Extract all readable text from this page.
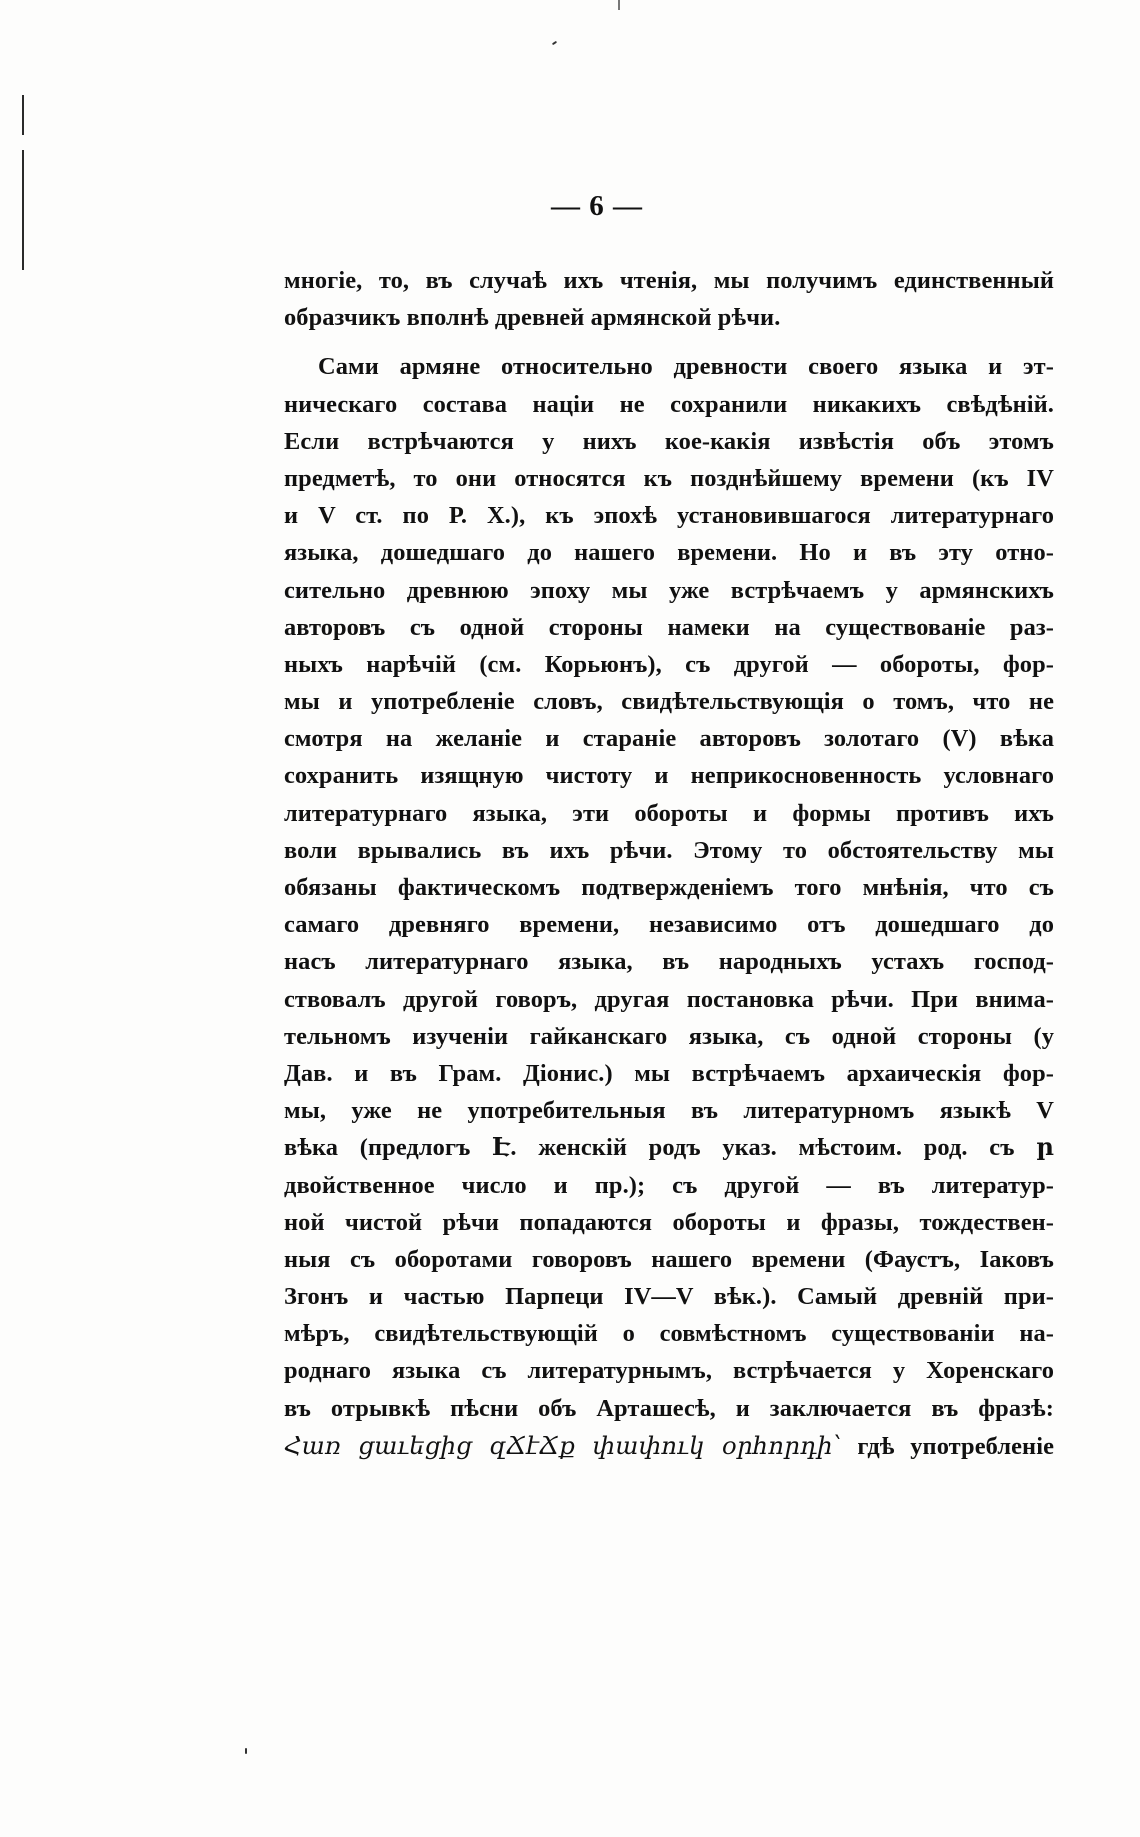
— 6 —
многіе, то, въ случаѣ ихъ чтенія, мы получимъ единственный
образчикъ вполнѣ древней армянской рѣчи.
Сами армяне относительно древности своего языка и эт-
ническаго состава націи не сохранили никакихъ свѣдѣній.
Если встрѣчаются у нихъ кое-какія извѣстія объ этомъ
предметѣ, то они относятся къ позднѣйшему времени (къ IV
и V ст. по Р. Х.), къ эпохѣ установившагося литературнаго
языка, дошедшаго до нашего времени. Но и въ эту отно-
сительно древнюю эпоху мы уже встрѣчаемъ у армянскихъ
авторовъ съ одной стороны намеки на существованіе раз-
ныхъ нарѣчій (см. Корьюнъ), съ другой — обороты, фор-
мы и употребленіе словъ, свидѣтельствующія о томъ, что не
смотря на желаніе и стараніе авторовъ золотаго (V) вѣка
сохранить изящную чистоту и неприкосновенность условнаго
литературнаго языка, эти обороты и формы противъ ихъ
воли врывались въ ихъ рѣчи. Этому то обстоятельству мы
обязаны фактическомъ подтвержденіемъ того мнѣнія, что съ
самаго древняго времени, независимо отъ дошедшаго до
насъ литературнаго языка, въ народныхъ устахъ господ-
ствовалъ другой говоръ, другая постановка рѣчи. При внима-
тельномъ изученіи гайканскаго языка, съ одной стороны (у
Дав. и въ Грам. Діонис.) мы встрѣчаемъ архаическія фор-
мы, уже не употребительныя въ литературномъ языкѣ V
вѣка (предлогъ Է. женскій родъ указ. мѣстоим. род. съ ր
двойственное число и пр.); съ другой — въ литератур-
ной чистой рѣчи попадаются обороты и фразы, тождествен-
ныя съ оборотами говоровъ нашего времени (Фаустъ, Іаковъ
Згонъ и частью Парпеци IV—V вѣк.). Самый древній при-
мѣръ, свидѣтельствующій о совмѣстномъ существованіи на-
роднаго языка съ литературнымъ, встрѣчается у Хоренскаго
въ отрывкѣ пѣсни объ Арташесѣ, и заключается въ фразѣ:
Հառ ցաւեցից զՃէՃք փափուկ օրհորդի՝ гдѣ употребленіе
